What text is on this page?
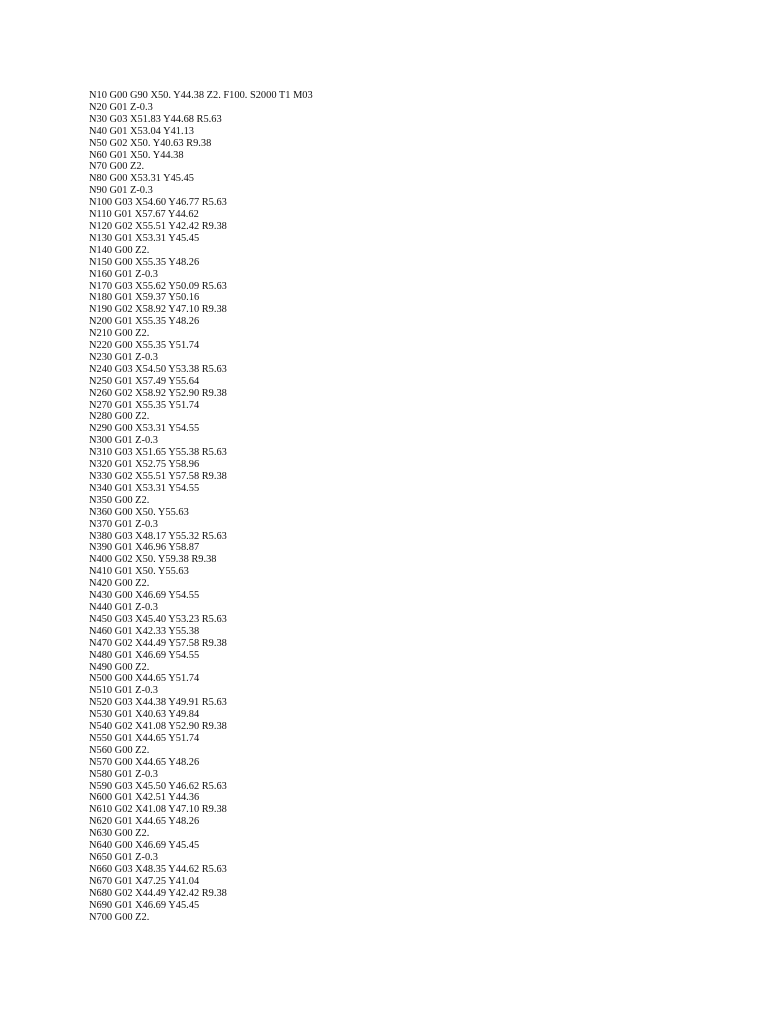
N10 G00 G90 X50. Y44.38 Z2. F100. S2000 T1 M03
N20 G01 Z-0.3
N30 G03 X51.83 Y44.68 R5.63
N40 G01 X53.04 Y41.13
N50 G02 X50. Y40.63 R9.38
N60 G01 X50. Y44.38
N70 G00 Z2.
N80 G00 X53.31 Y45.45
N90 G01 Z-0.3
N100 G03 X54.60 Y46.77 R5.63
N110 G01 X57.67 Y44.62
N120 G02 X55.51 Y42.42 R9.38
N130 G01 X53.31 Y45.45
N140 G00 Z2.
N150 G00 X55.35 Y48.26
N160 G01 Z-0.3
N170 G03 X55.62 Y50.09 R5.63
N180 G01 X59.37 Y50.16
N190 G02 X58.92 Y47.10 R9.38
N200 G01 X55.35 Y48.26
N210 G00 Z2.
N220 G00 X55.35 Y51.74
N230 G01 Z-0.3
N240 G03 X54.50 Y53.38 R5.63
N250 G01 X57.49 Y55.64
N260 G02 X58.92 Y52.90 R9.38
N270 G01 X55.35 Y51.74
N280 G00 Z2.
N290 G00 X53.31 Y54.55
N300 G01 Z-0.3
N310 G03 X51.65 Y55.38 R5.63
N320 G01 X52.75 Y58.96
N330 G02 X55.51 Y57.58 R9.38
N340 G01 X53.31 Y54.55
N350 G00 Z2.
N360 G00 X50. Y55.63
N370 G01 Z-0.3
N380 G03 X48.17 Y55.32 R5.63
N390 G01 X46.96 Y58.87
N400 G02 X50. Y59.38 R9.38
N410 G01 X50. Y55.63
N420 G00 Z2.
N430 G00 X46.69 Y54.55
N440 G01 Z-0.3
N450 G03 X45.40 Y53.23 R5.63
N460 G01 X42.33 Y55.38
N470 G02 X44.49 Y57.58 R9.38
N480 G01 X46.69 Y54.55
N490 G00 Z2.
N500 G00 X44.65 Y51.74
N510 G01 Z-0.3
N520 G03 X44.38 Y49.91 R5.63
N530 G01 X40.63 Y49.84
N540 G02 X41.08 Y52.90 R9.38
N550 G01 X44.65 Y51.74
N560 G00 Z2.
N570 G00 X44.65 Y48.26
N580 G01 Z-0.3
N590 G03 X45.50 Y46.62 R5.63
N600 G01 X42.51 Y44.36
N610 G02 X41.08 Y47.10 R9.38
N620 G01 X44.65 Y48.26
N630 G00 Z2.
N640 G00 X46.69 Y45.45
N650 G01 Z-0.3
N660 G03 X48.35 Y44.62 R5.63
N670 G01 X47.25 Y41.04
N680 G02 X44.49 Y42.42 R9.38
N690 G01 X46.69 Y45.45
N700 G00 Z2.
